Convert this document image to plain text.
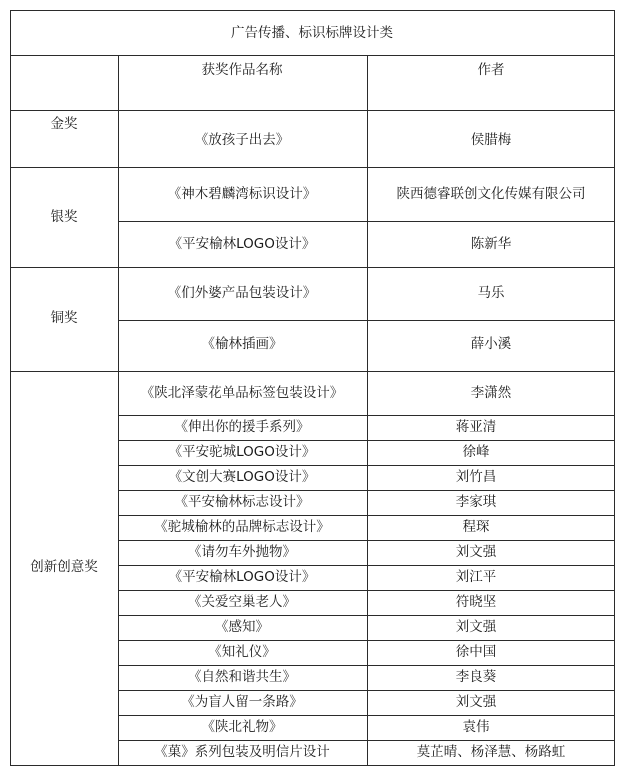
广告传播、标识标牌设计类
获奖作品名称	作者
金奖
《放孩子出去》	侯腊梅
银奖
《神木碧麟湾标识设计》	陕西德睿联创文化传媒有限公司
《平安榆林LOGO设计》	陈新华
铜奖
《们外婆产品包装设计》	马乐
《榆林插画》	薛小溪
创新创意奖
《陕北泽蒙花单品标签包装设计》	李潇然
《伸出你的援手系列》	蒋亚清
《平安驼城LOGO设计》	徐峰
《文创大赛LOGO设计》	刘竹昌
《平安榆林标志设计》	李家琪
《驼城榆林的品牌标志设计》	程琛
《请勿车外抛物》	刘文强
《平安榆林LOGO设计》	刘江平
《关爱空巢老人》	符晓坚
《感知》	刘文强
《知礼仪》	徐中国
《自然和谐共生》	李良葵
《为盲人留一条路》	刘文强
《陕北礼物》	袁伟
《菓》系列包装及明信片设计	莫芷晴、杨泽慧、杨路虹
